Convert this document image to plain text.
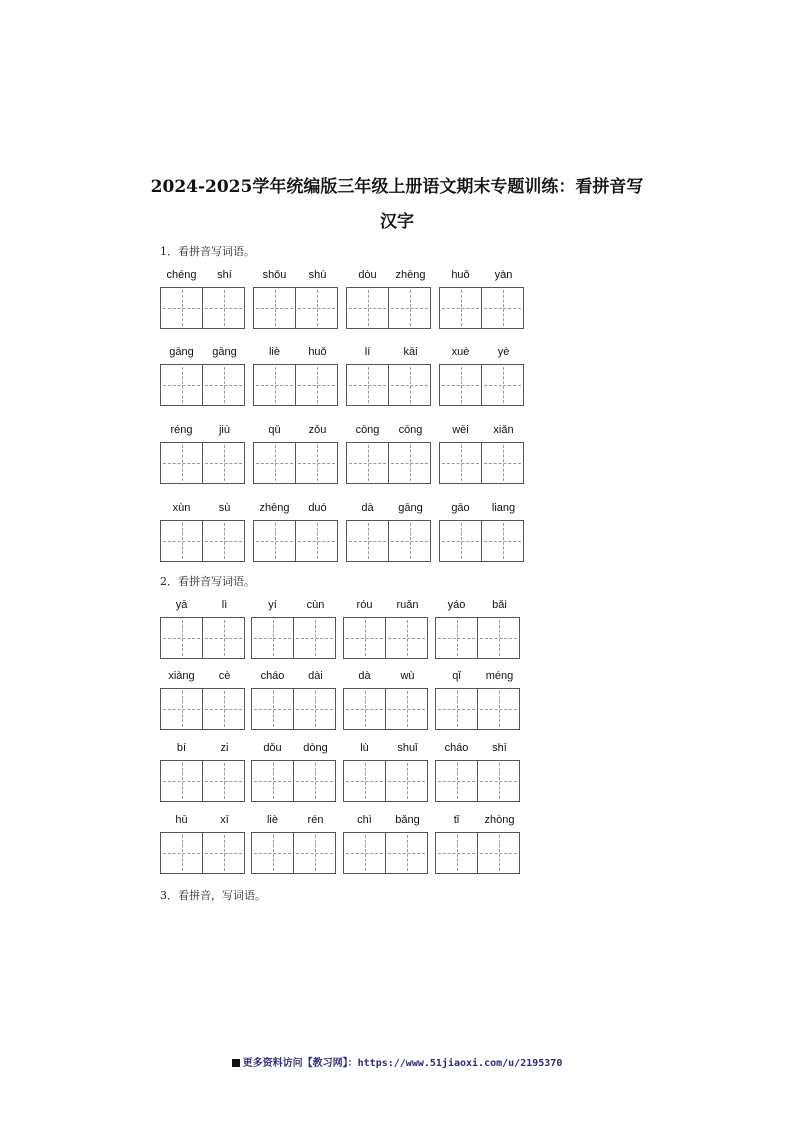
2024-2025学年统编版三年级上册语文期末专题训练：看拼音写
汉字
1．看拼音写词语。
chéng	shí	shǒu	shù	dòu	zhēng	huǒ	yàn
gāng	gāng	liè	huǒ	lí	kāi	xuè	yè
réng	jiù	qǔ	zǒu	cōng	cōng	wēi	xiǎn
xùn	sù	zhēng	duó	dà	gāng	gāo	liang
2．看拼音写词语。
yā	lì	yí	cùn	róu	ruǎn	yáo	bǎi
xiàng	cè	cháo	dài	dà	wù	qǐ	méng
bí	zi	dǒu	dòng	lù	shuǐ	cháo	shī
hū	xī	liè	rén	chì	bǎng	tǐ	zhòng
3．看拼音，写词语。
更多资料访问【教习网】：https://www.51jiaoxi.com/u/2195370
